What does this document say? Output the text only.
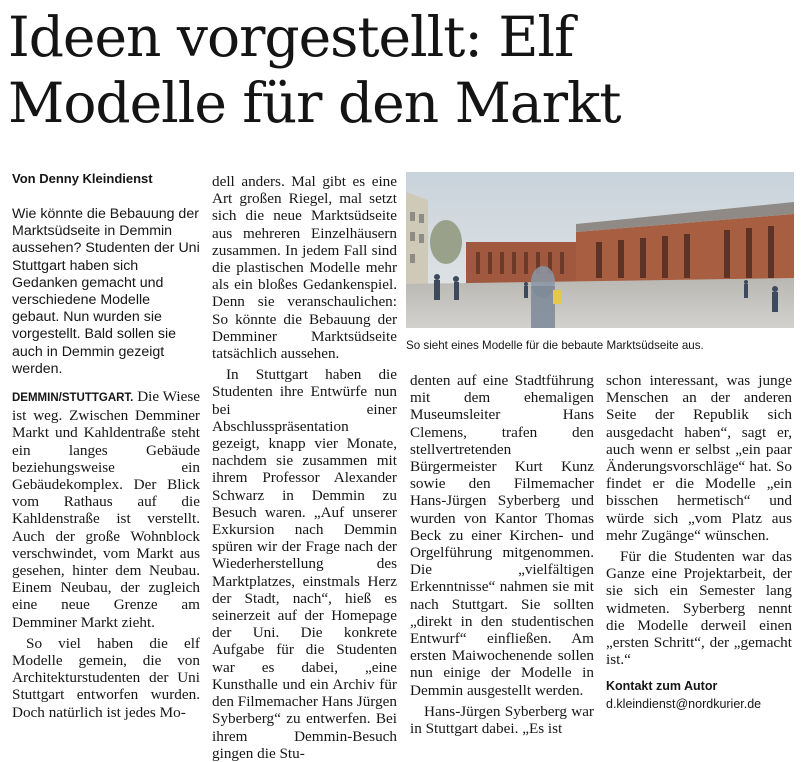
Ideen vorgestellt: Elf Modelle für den Markt
Von Denny Kleindienst
Wie könnte die Bebauung der Marktsüdseite in Demmin aussehen? Studenten der Uni Stuttgart haben sich Gedanken gemacht und verschiedene Modelle gebaut. Nun wurden sie vorgestellt. Bald sollen sie auch in Demmin gezeigt werden.

DEMMIN/STUTTGART. Die Wiese ist weg. Zwischen Demminer Markt und Kahldentraße steht ein langes Gebäude beziehungsweise ein Gebäudekomplex. Der Blick vom Rathaus auf die Kahldenstraße ist verstellt. Auch der große Wohnblock verschwindet, vom Markt aus gesehen, hinter dem Neubau. Einem Neubau, der zugleich eine neue Grenze am Demminer Markt zieht.

So viel haben die elf Modelle gemein, die von Architekturstudenten der Uni Stuttgart entworfen wurden. Doch natürlich ist jedes Mo-

dell anders. Mal gibt es eine Art großen Riegel, mal setzt sich die neue Marktsüdseite aus mehreren Einzelhäusern zusammen. In jedem Fall sind die plastischen Modelle mehr als ein bloßes Gedankenspiel. Denn sie veranschaulichen: So könnte die Bebauung der Demminer Marktsüdseite tatsächlich aussehen.

In Stuttgart haben die Studenten ihre Entwürfe nun bei einer Abschlusspräsentation gezeigt, knapp vier Monate, nachdem sie zusammen mit ihrem Professor Alexander Schwarz in Demmin zu Besuch waren. „Auf unserer Exkursion nach Demmin spüren wir der Frage nach der Wiederherstellung des Marktplatzes, einstmals Herz der Stadt, nach“, hieß es seinerzeit auf der Homepage der Uni. Die konkrete Aufgabe für die Studenten war es dabei, „eine Kunsthalle und ein Archiv für den Filmemacher Hans Jürgen Syberberg“ zu entwerfen. Bei ihrem Demmin-Besuch gingen die Stu-

So sieht eines Modelle für die bebaute Marktsüdseite aus.

denten auf eine Stadtführung mit dem ehemaligen Museumsleiter Hans Clemens, trafen den stellvertretenden Bürgermeister Kurt Kunz sowie den Filmemacher Hans-Jürgen Syberberg und wurden von Kantor Thomas Beck zu einer Kirchen- und Orgelführung mitgenommen. Die „vielfältigen Erkenntnisse“ nahmen sie mit nach Stuttgart. Sie sollten „direkt in den studentischen Entwurf“ einfließen. Am ersten Maiwochenende sollen nun einige der Modelle in Demmin ausgestellt werden.

Hans-Jürgen Syberberg war in Stuttgart dabei. „Es ist

schon interessant, was junge Menschen an der anderen Seite der Republik sich ausgedacht haben“, sagt er, auch wenn er selbst „ein paar Änderungsvorschläge“ hat. So findet er die Modelle „ein bisschen hermetisch“ und würde sich „vom Platz aus mehr Zugänge“ wünschen.

Für die Studenten war das Ganze eine Projektarbeit, der sie sich ein Semester lang widmeten. Syberberg nennt die Modelle derweil einen „ersten Schritt“, der „gemacht ist.“

Kontakt zum Autor

d.kleindienst@nordkurier.de
